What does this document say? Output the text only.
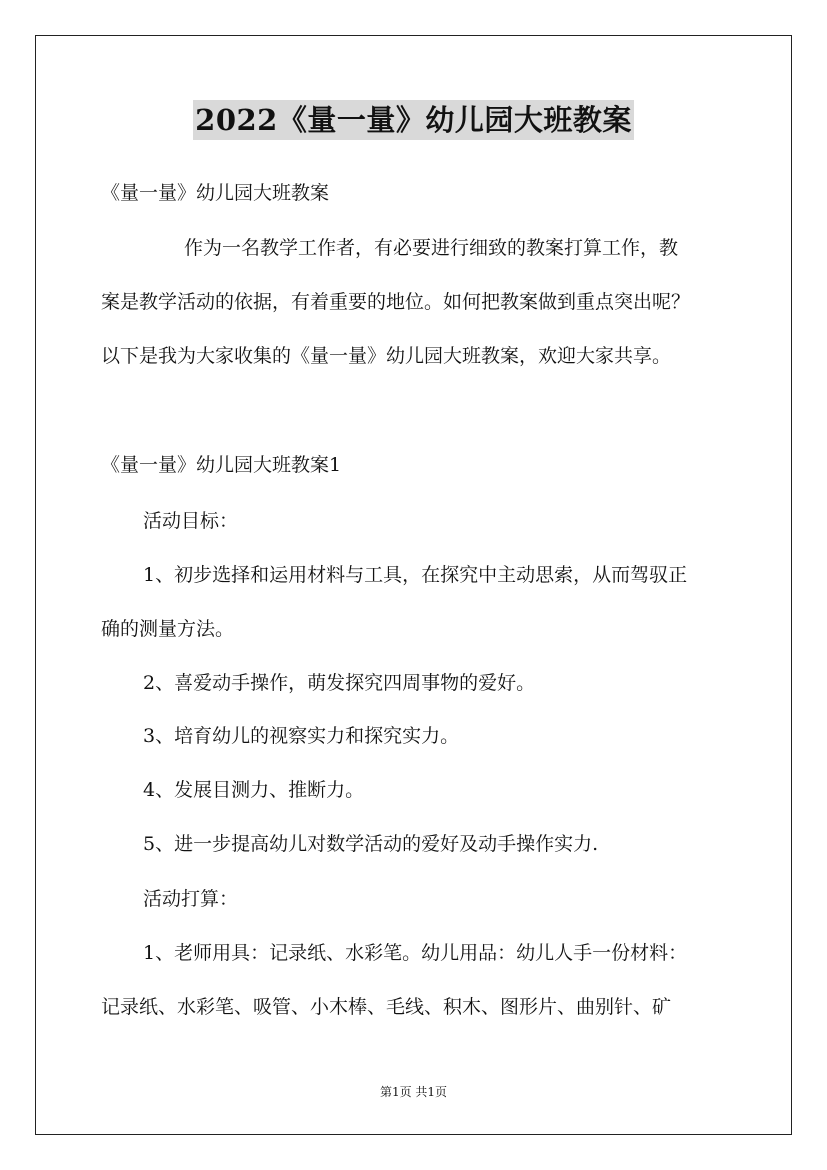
2022《量一量》幼儿园大班教案
《量一量》幼儿园大班教案
作为一名教学工作者，有必要进行细致的教案打算工作，教
案是教学活动的依据，有着重要的地位。如何把教案做到重点突出呢？
以下是我为大家收集的《量一量》幼儿园大班教案，欢迎大家共享。
《量一量》幼儿园大班教案1
活动目标：
1、初步选择和运用材料与工具，在探究中主动思索，从而驾驭正
确的测量方法。
2、喜爱动手操作，萌发探究四周事物的爱好。
3、培育幼儿的视察实力和探究实力。
4、发展目测力、推断力。
5、进一步提高幼儿对数学活动的爱好及动手操作实力.
活动打算：
1、老师用具：记录纸、水彩笔。幼儿用品：幼儿人手一份材料：
记录纸、水彩笔、吸管、小木棒、毛线、积木、图形片、曲别针、矿
第1页 共1页
